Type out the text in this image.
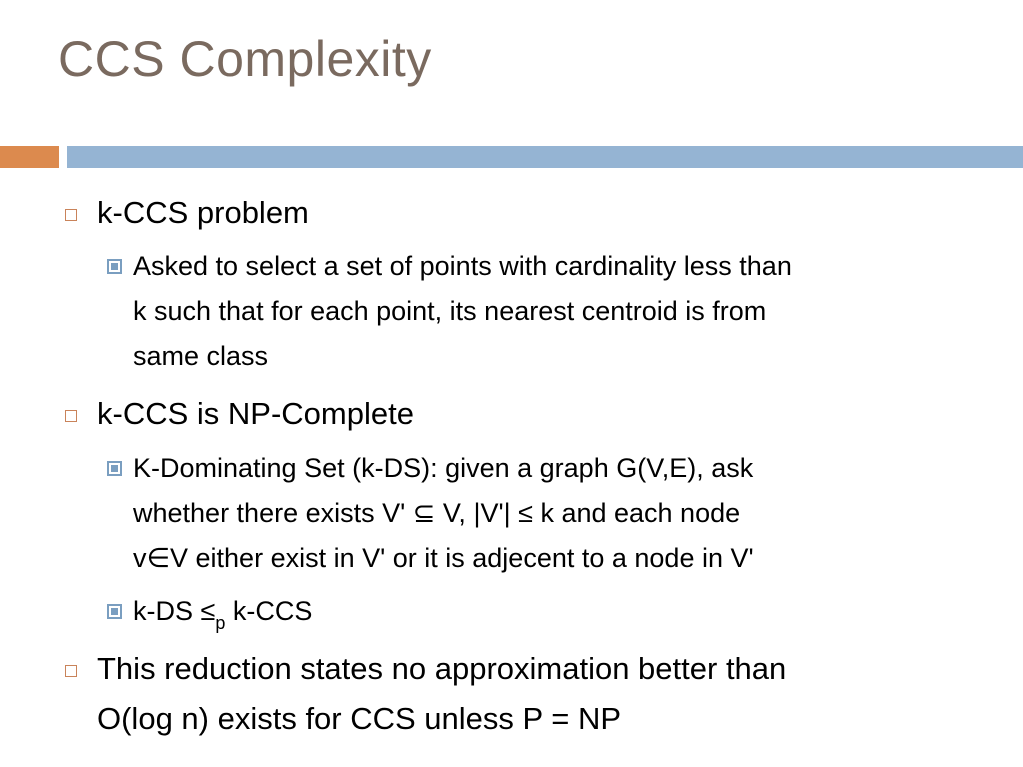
CCS Complexity
k-CCS problem
Asked to select a set of points with cardinality less than
k such that for each point, its nearest centroid is from
same class
k-CCS is NP-Complete
K-Dominating Set (k-DS): given a graph G(V,E), ask
whether there exists V' ⊆ V, |V'| ≤ k and each node
v∈V either exist in V' or it is adjecent to a node in V'
$k-DS \le_p$ k-CCS
This reduction states no approximation better than
O(log n) exists for CCS unless P = NP
